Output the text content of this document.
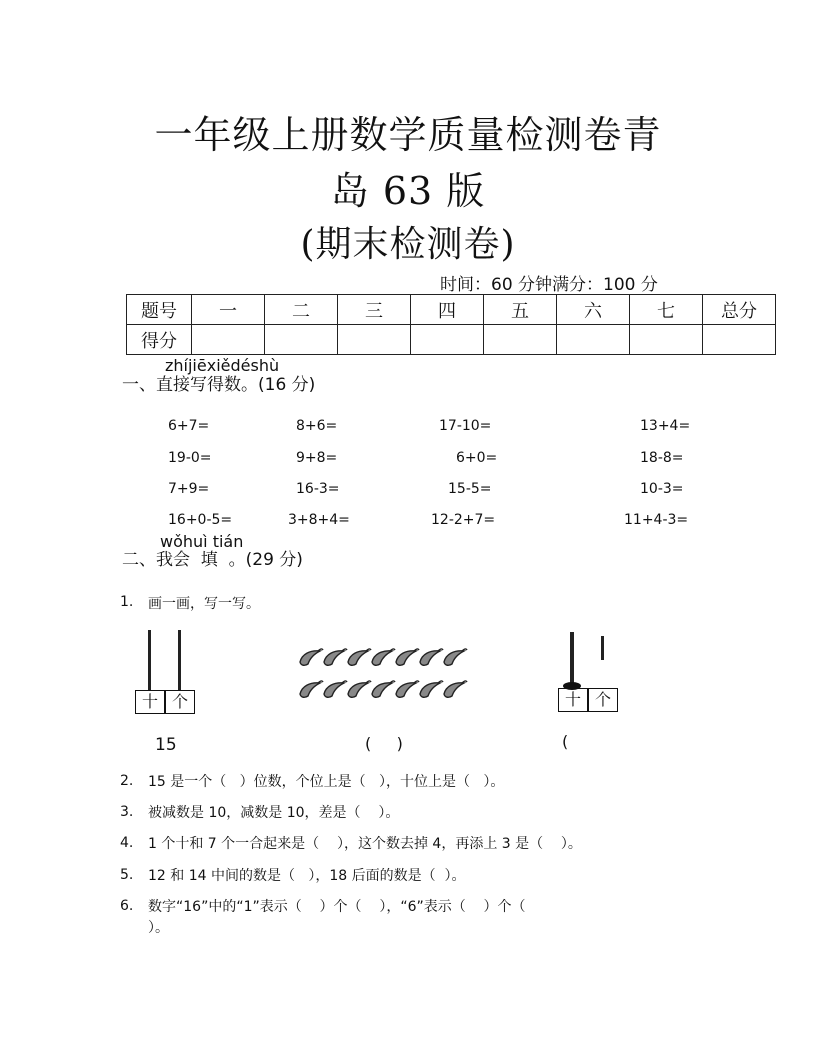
一年级上册数学质量检测卷青
岛 63 版
(期末检测卷)
时间：60 分钟满分：100 分
题号	一	二	三	四	五	六	七	总分
得分								
zhíjiēxiědéshù
一、直接写得数。(16 分)
6+7=	8+6=	17-10=	13+4=
19-0=	9+8=	6+0=	18-8=
7+9=	16-3=	15-5=	10-3=
16+0-5=	3+8+4=	12-2+7=	11+4-3=
wǒhuì tián
二、我会  填  。(29 分)
1. 画一画，写一写。
十 个
15	(     )
十 个
(
2. 15 是一个（   ）位数，个位上是（   ），十位上是（   ）。
3. 被减数是 10，减数是 10，差是（    ）。
4. 1 个十和 7 个一合起来是（    ），这个数去掉 4，再添上 3 是（    ）。
5. 12 和 14 中间的数是（   ），18 后面的数是（  ）。
6. 数字“16”中的“1”表示（    ）个（    ），“6”表示（    ）个（
）。
